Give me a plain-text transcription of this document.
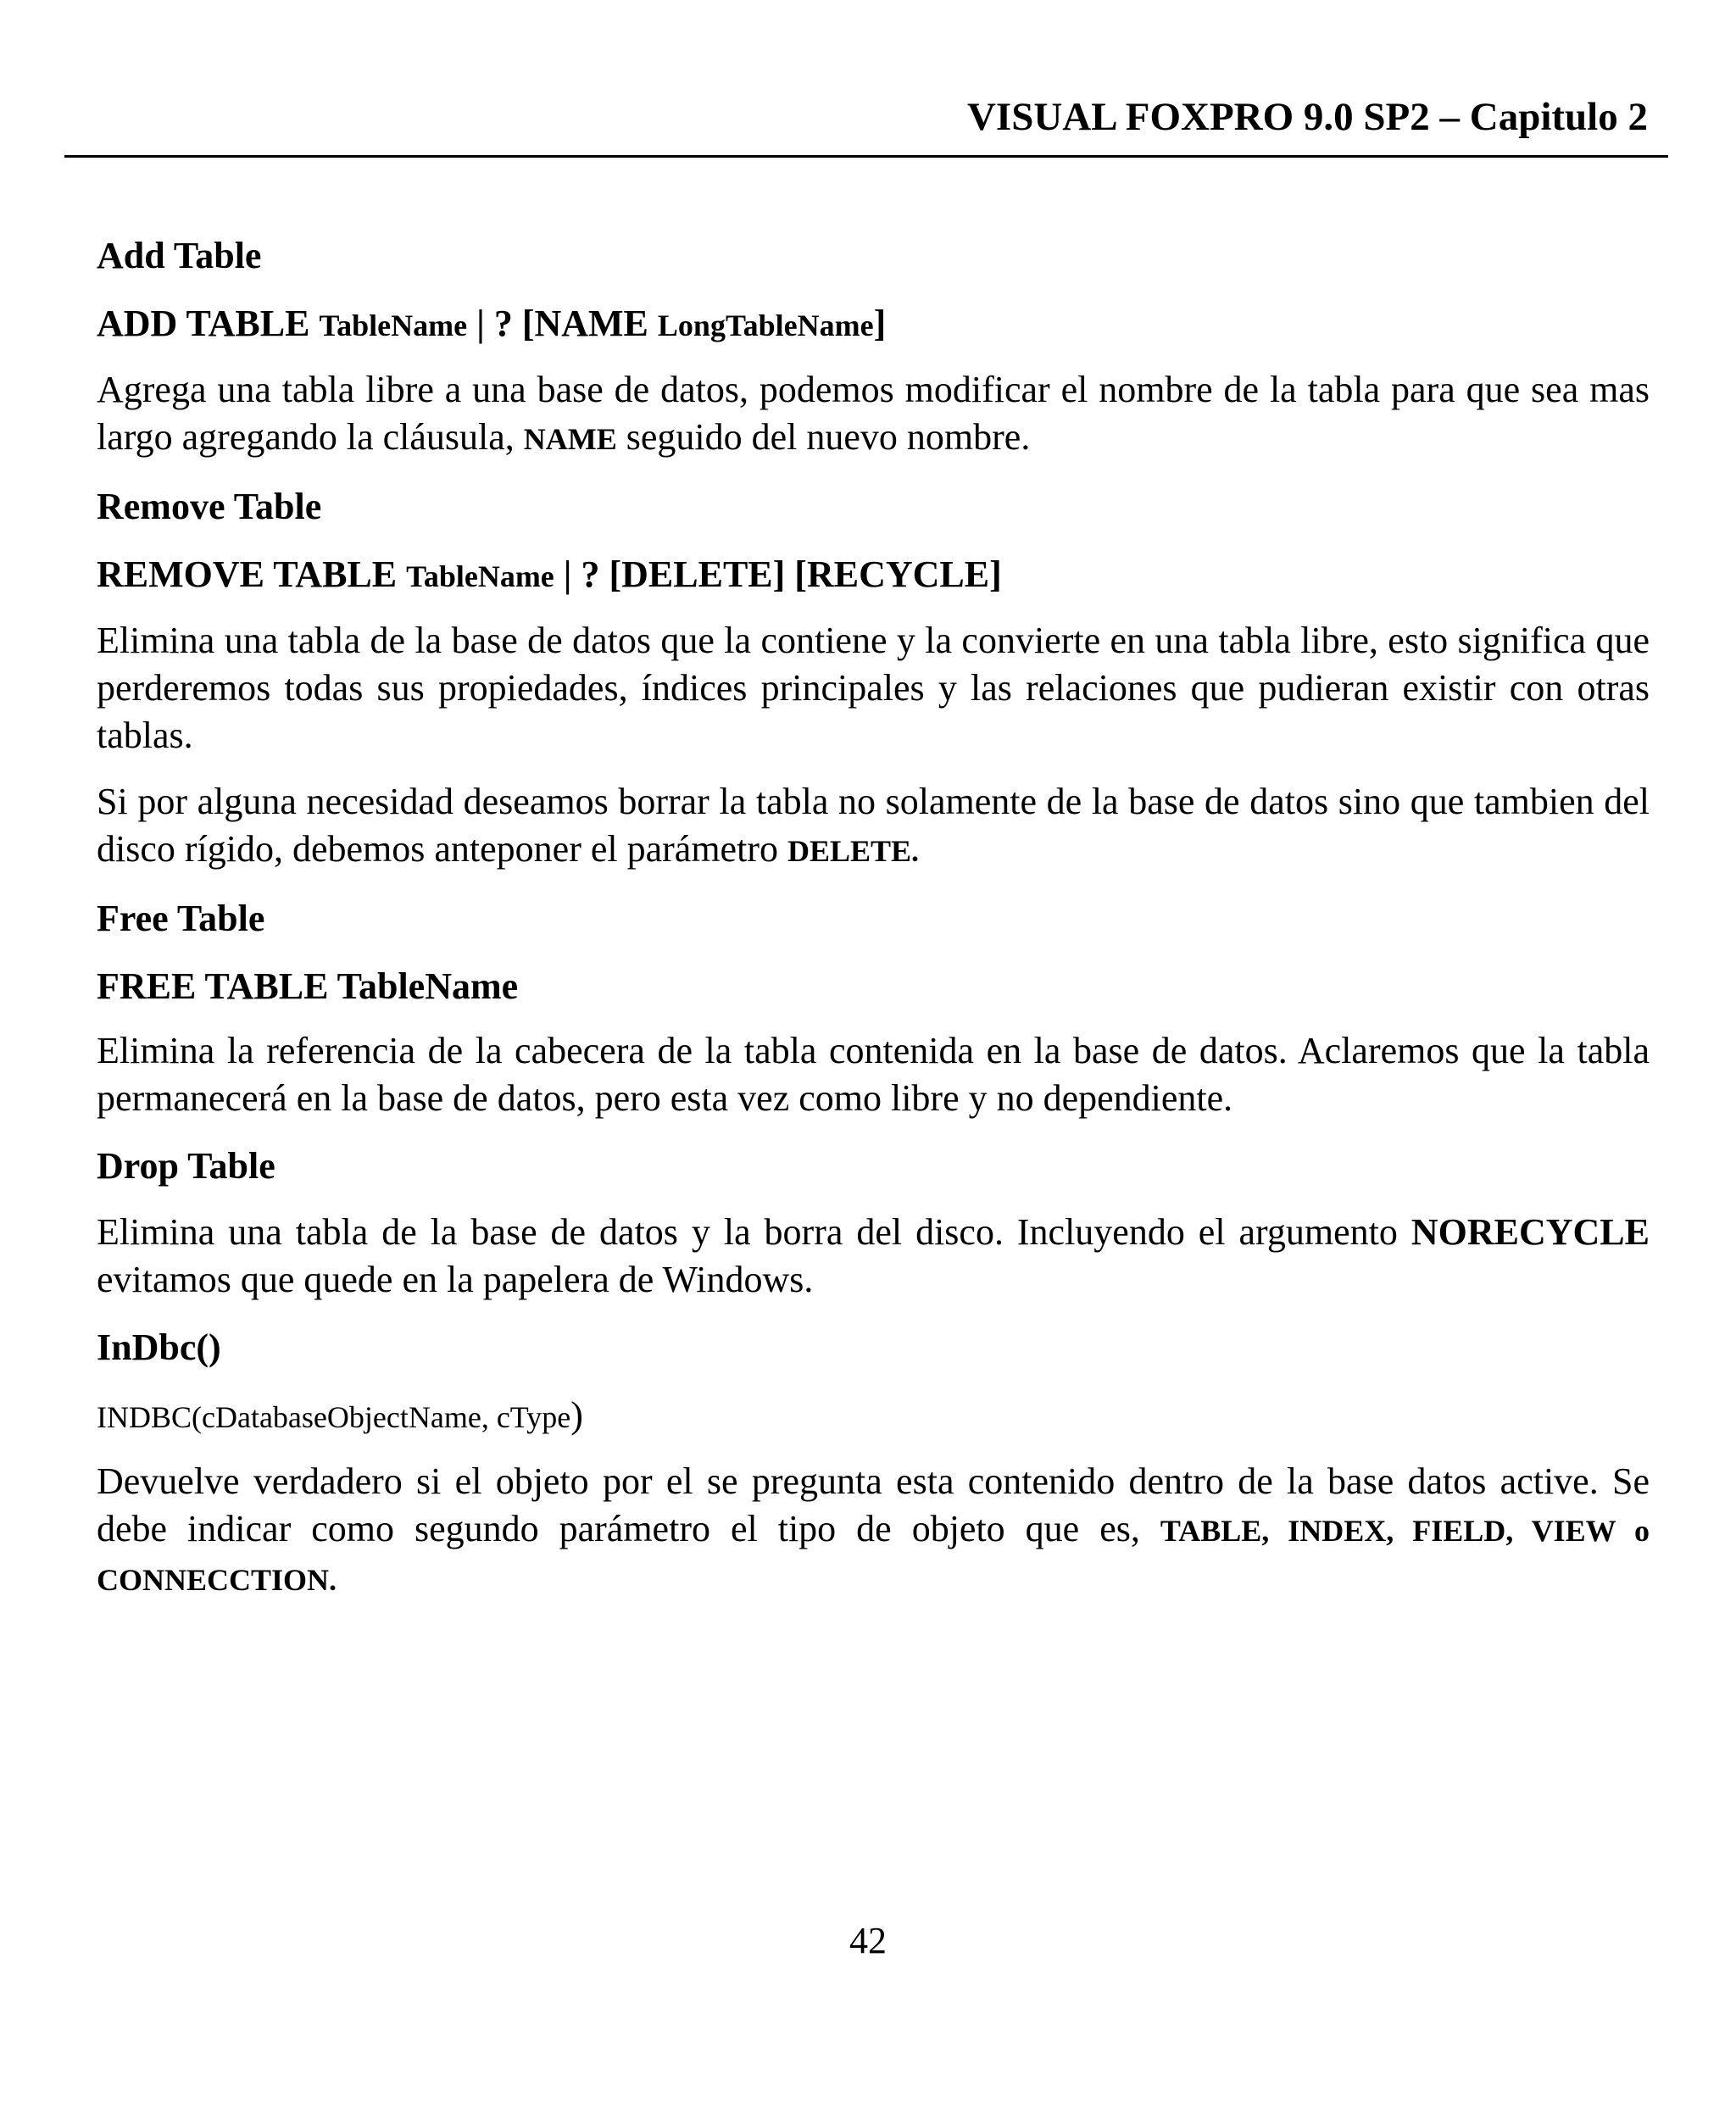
VISUAL FOXPRO 9.0 SP2 – Capitulo 2
Add Table
ADD TABLE TableName | ? [NAME LongTableName]
Agrega una tabla libre a una base de datos, podemos modificar el nombre de la tabla para que sea mas largo agregando la cláusula, NAME seguido del nuevo nombre.
Remove Table
REMOVE TABLE TableName | ? [DELETE] [RECYCLE]
Elimina una tabla de la base de datos que la contiene y la convierte en una tabla libre, esto significa que perderemos todas sus propiedades, índices principales y las relaciones que pudieran existir con otras tablas.
Si por alguna necesidad deseamos borrar la tabla no solamente de la base de datos sino que tambien del disco rígido, debemos anteponer el parámetro DELETE.
Free Table
FREE TABLE TableName
Elimina la referencia de la cabecera de la tabla contenida en la base de datos. Aclaremos que la tabla permanecerá en la base de datos, pero esta vez como libre y no dependiente.
Drop Table
Elimina una tabla de la base de datos y la borra del disco. Incluyendo el argumento NORECYCLE evitamos que quede en la papelera de Windows.
InDbc()
INDBC(cDatabaseObjectName, cType)
Devuelve verdadero si el objeto por el se pregunta esta contenido dentro de la base datos active. Se debe indicar como segundo parámetro el tipo de objeto que es, TABLE, INDEX, FIELD, VIEW o CONNECCTION.
42
